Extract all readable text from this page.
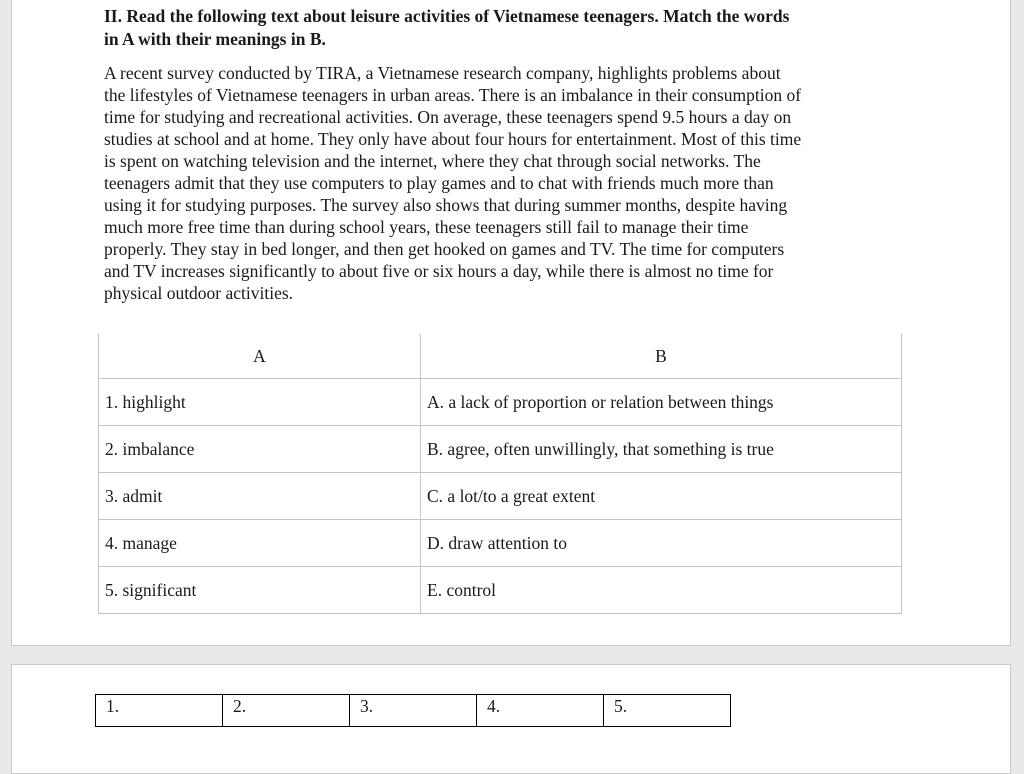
II. Read the following text about leisure activities of Vietnamese teenagers. Match the words
in A with their meanings in B.

A recent survey conducted by TIRA, a Vietnamese research company, highlights problems about
the lifestyles of Vietnamese teenagers in urban areas. There is an imbalance in their consumption of
time for studying and recreational activities. On average, these teenagers spend 9.5 hours a day on
studies at school and at home. They only have about four hours for entertainment. Most of this time
is spent on watching television and the internet, where they chat through social networks. The
teenagers admit that they use computers to play games and to chat with friends much more than
using it for studying purposes. The survey also shows that during summer months, despite having
much more free time than during school years, these teenagers still fail to manage their time
properly. They stay in bed longer, and then get hooked on games and TV. The time for computers
and TV increases significantly to about five or six hours a day, while there is almost no time for
physical outdoor activities.

A	B
1. highlight	A. a lack of proportion or relation between things
2. imbalance	B. agree, often unwillingly, that something is true
3. admit	C. a lot/to a great extent
4. manage	D. draw attention to
5. significant	E. control
1.	2.	3.	4.	5.
